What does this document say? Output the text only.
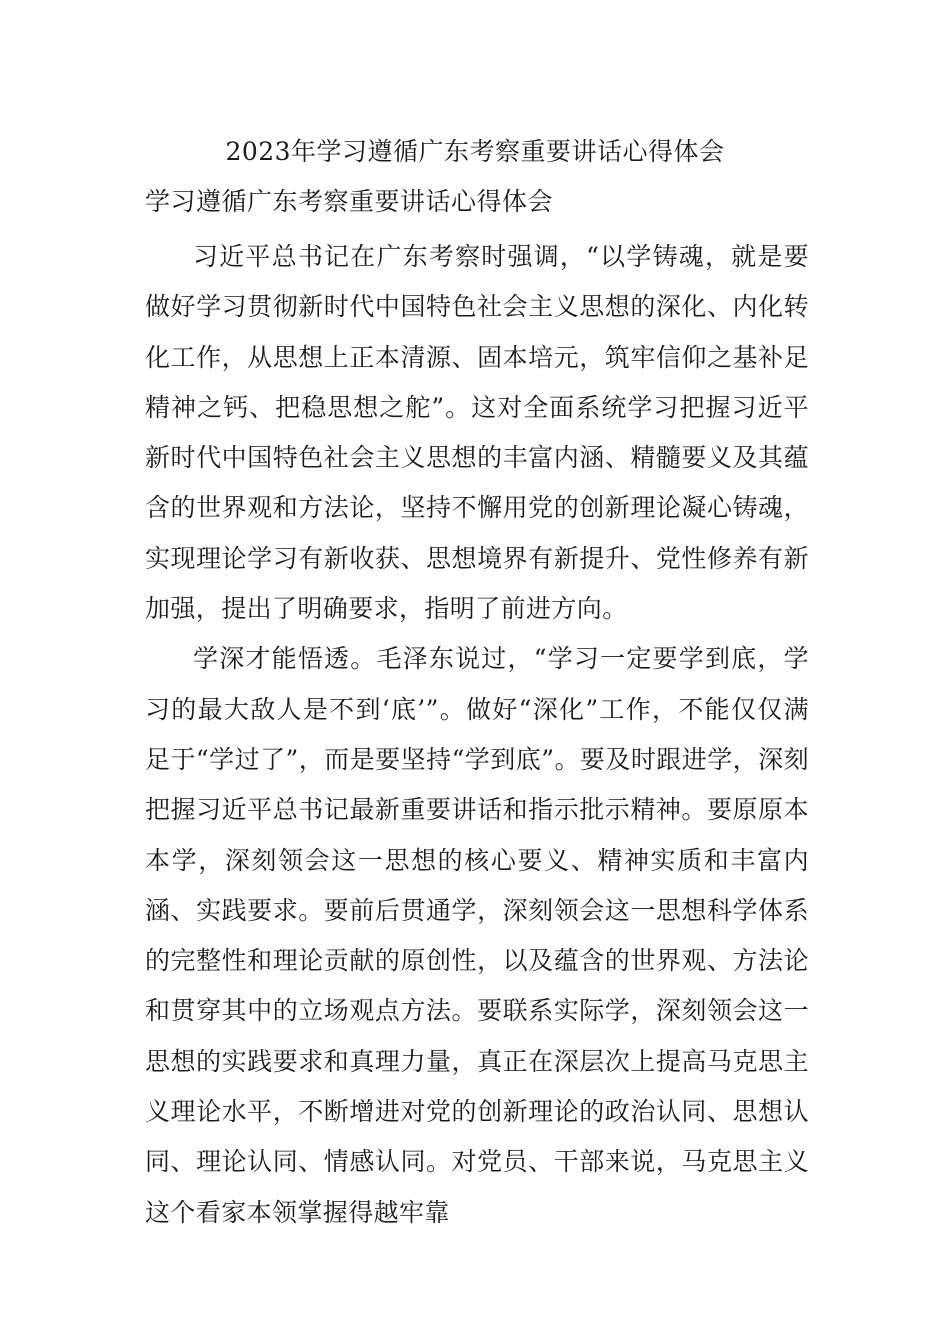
2023年学习遵循广东考察重要讲话心得体会
学习遵循广东考察重要讲话心得体会

习近平总书记在广东考察时强调，“以学铸魂，就是要做好学习贯彻新时代中国特色社会主义思想的深化、内化转化工作，从思想上正本清源、固本培元，筑牢信仰之基补足精神之钙、把稳思想之舵”。这对全面系统学习把握习近平新时代中国特色社会主义思想的丰富内涵、精髓要义及其蕴含的世界观和方法论，坚持不懈用党的创新理论凝心铸魂，实现理论学习有新收获、思想境界有新提升、党性修养有新加强，提出了明确要求，指明了前进方向。

学深才能悟透。毛泽东说过，“学习一定要学到底，学习的最大敌人是不到‘底’”。做好“深化”工作，不能仅仅满足于“学过了”，而是要坚持“学到底”。要及时跟进学，深刻把握习近平总书记最新重要讲话和指示批示精神。要原原本本学，深刻领会这一思想的核心要义、精神实质和丰富内涵、实践要求。要前后贯通学，深刻领会这一思想科学体系的完整性和理论贡献的原创性，以及蕴含的世界观、方法论和贯穿其中的立场观点方法。要联系实际学，深刻领会这一思想的实践要求和真理力量，真正在深层次上提高马克思主义理论水平，不断增进对党的创新理论的政治认同、思想认同、理论认同、情感认同。对党员、干部来说，马克思主义这个看家本领掌握得越牢靠
